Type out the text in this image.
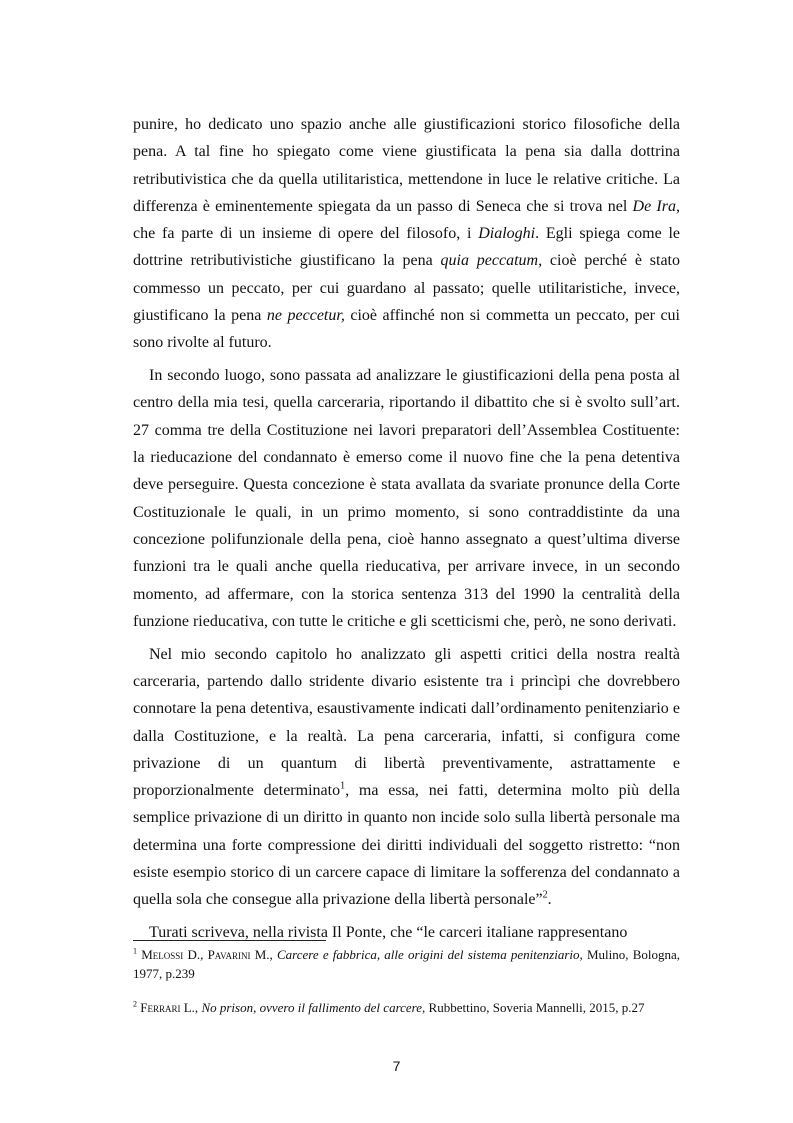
punire, ho dedicato uno spazio anche alle giustificazioni storico filosofiche della pena. A tal fine ho spiegato come viene giustificata la pena sia dalla dottrina retributivistica che da quella utilitaristica, mettendone in luce le relative critiche. La differenza è eminentemente spiegata da un passo di Seneca che si trova nel De Ira, che fa parte di un insieme di opere del filosofo, i Dialoghi. Egli spiega come le dottrine retributivistiche giustificano la pena quia peccatum, cioè perché è stato commesso un peccato, per cui guardano al passato; quelle utilitaristiche, invece, giustificano la pena ne peccetur, cioè affinché non si commetta un peccato, per cui sono rivolte al futuro.

In secondo luogo, sono passata ad analizzare le giustificazioni della pena posta al centro della mia tesi, quella carceraria, riportando il dibattito che si è svolto sull’art. 27 comma tre della Costituzione nei lavori preparatori dell’Assemblea Costituente: la rieducazione del condannato è emerso come il nuovo fine che la pena detentiva deve perseguire. Questa concezione è stata avallata da svariate pronunce della Corte Costituzionale le quali, in un primo momento, si sono contraddistinte da una concezione polifunzionale della pena, cioè hanno assegnato a quest’ultima diverse funzioni tra le quali anche quella rieducativa, per arrivare invece, in un secondo momento, ad affermare, con la storica sentenza 313 del 1990 la centralità della funzione rieducativa, con tutte le critiche e gli scetticismi che, però, ne sono derivati.

Nel mio secondo capitolo ho analizzato gli aspetti critici della nostra realtà carceraria, partendo dallo stridente divario esistente tra i princìpi che dovrebbero connotare la pena detentiva, esaustivamente indicati dall’ordinamento penitenziario e dalla Costituzione, e la realtà. La pena carceraria, infatti, si configura come privazione di un quantum di libertà preventivamente, astrattamente e proporzionalmente determinato$^1$, ma essa, nei fatti, determina molto più della semplice privazione di un diritto in quanto non incide solo sulla libertà personale ma determina una forte compressione dei diritti individuali del soggetto ristretto: “non esiste esempio storico di un carcere capace di limitare la sofferenza del condannato a quella sola che consegue alla privazione della libertà personale”$^2$.

Turati scriveva, nella rivista Il Ponte, che “le carceri italiane rappresentano

$^1$ Melossi D., Pavarini M., Carcere e fabbrica, alle origini del sistema penitenziario, Mulino, Bologna, 1977, p.239

$^2$ Ferrari L., No prison, ovvero il fallimento del carcere, Rubbettino, Soveria Mannelli, 2015, p.27

7
